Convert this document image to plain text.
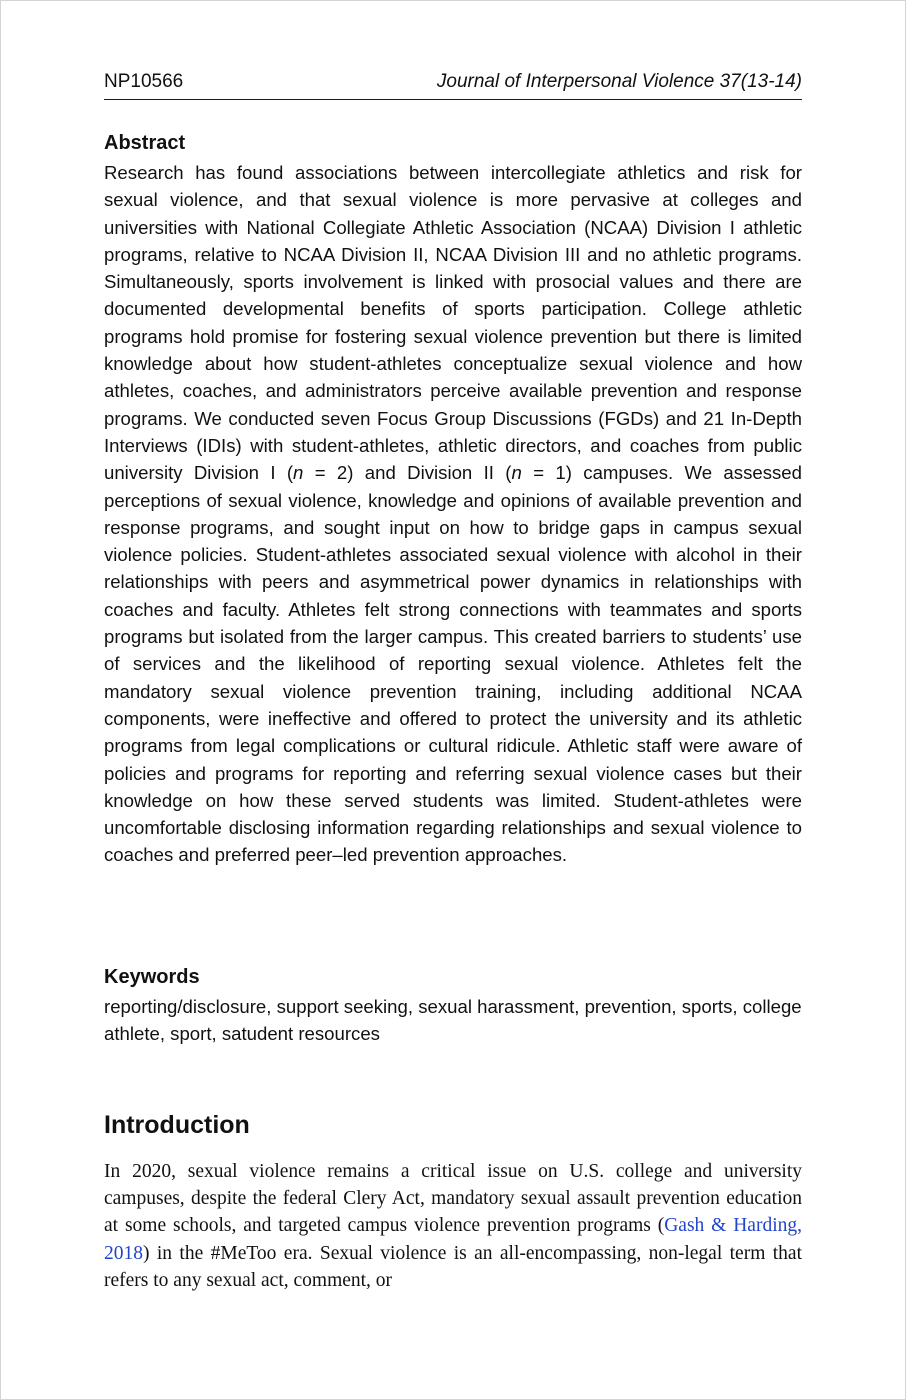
NP10566	Journal of Interpersonal Violence 37(13-14)
Abstract
Research has found associations between intercollegiate athletics and risk for sexual violence, and that sexual violence is more pervasive at colleges and universities with National Collegiate Athletic Association (NCAA) Division I athletic programs, relative to NCAA Division II, NCAA Division III and no athletic programs. Simultaneously, sports involvement is linked with prosocial values and there are documented developmental benefits of sports participation. College athletic programs hold promise for fostering sexual violence prevention but there is limited knowledge about how student-athletes conceptualize sexual violence and how athletes, coaches, and administrators perceive available prevention and response programs. We conducted seven Focus Group Discussions (FGDs) and 21 In-Depth Interviews (IDIs) with student-athletes, athletic directors, and coaches from public university Division I (n = 2) and Division II (n = 1) campuses. We assessed perceptions of sexual violence, knowledge and opinions of available prevention and response programs, and sought input on how to bridge gaps in campus sexual violence policies. Student-athletes associated sexual violence with alcohol in their relationships with peers and asymmetrical power dynamics in relationships with coaches and faculty. Athletes felt strong connections with teammates and sports programs but isolated from the larger campus. This created barriers to students’ use of services and the likelihood of reporting sexual violence. Athletes felt the mandatory sexual violence prevention training, including additional NCAA components, were ineffective and offered to protect the university and its athletic programs from legal complications or cultural ridicule. Athletic staff were aware of policies and programs for reporting and referring sexual violence cases but their knowledge on how these served students was limited. Student-athletes were uncomfortable disclosing information regarding relationships and sexual violence to coaches and preferred peer–led prevention approaches.
Keywords
reporting/disclosure, support seeking, sexual harassment, prevention, sports, college athlete, sport, satudent resources
Introduction
In 2020, sexual violence remains a critical issue on U.S. college and university campuses, despite the federal Clery Act, mandatory sexual assault prevention education at some schools, and targeted campus violence prevention programs (Gash & Harding, 2018) in the #MeToo era. Sexual violence is an all-encompassing, non-legal term that refers to any sexual act, comment, or
